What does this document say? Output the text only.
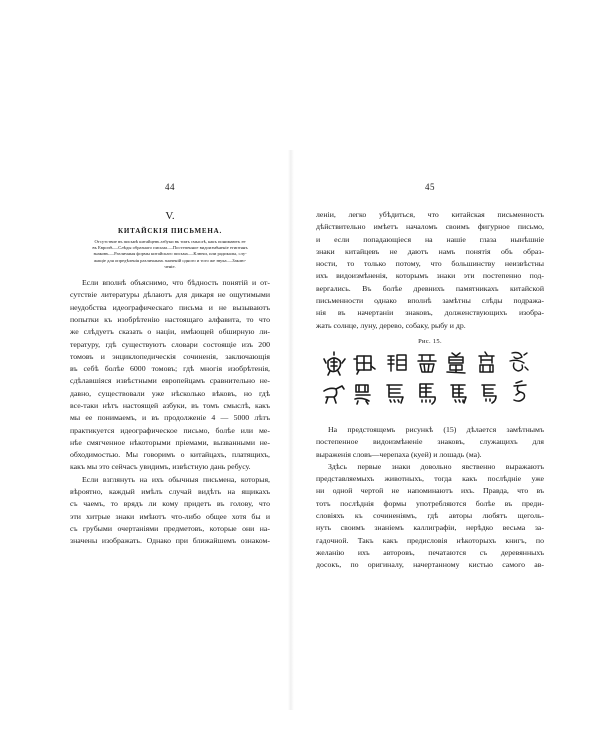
44
V.
КИТАЙСКIЯ ПИСЬМЕНА.
Отсутствие въ письмѣ китайцевъ азбуки въ томъ смыслѣ, какъ понимаютъ ее
въ Европѣ.—Слѣды образнаго письма.—Постепенное видоизмѣненiе египтянъ
знаковъ.—Различныя формы китайскаго письма.—Ключи, или радикалы, слу-
жащiе для опредѣленiя различныхъ значенiй одного и того же звука.—Заклю-
ченiе.
Если вполнѣ объяснимо, что бѣдность понятiй и от-
сутствiе литературы дѣлаютъ для дикаря не ощутимыми
неудобства идеографическаго письма и не вызываютъ
попытки къ изобрѣтенiю настоящаго алфавита, то что
же слѣдуетъ сказать о нацiи, имѣющей обширную ли-
тературу, гдѣ существуютъ словари состоящiе изъ 200
томовъ и энциклопедическiя сочиненiя, заключающiя
въ себѣ болѣе 6000 томовъ; гдѣ многiя изобрѣтенiя,
сдѣлавшiяся извѣстными европейцамъ сравнительно не-
давно, существовали уже нѣсколько вѣковъ, но гдѣ
все-таки нѣтъ настоящей азбуки, въ томъ смыслѣ, какъ
мы ее понимаемъ, и въ продолженiе 4 — 5000 лѣтъ
практикуется идеографическое письмо, болѣе или ме-
нѣе смягченное нѣкоторыми прiемами, вызванными не-
обходимостью. Мы говоримъ о китайцахъ, платящихъ,
какъ мы это сейчасъ увидимъ, извѣстную дань ребусу.
Если взглянуть на ихъ обычныя письмена, которыя,
вѣроятно, каждый имѣлъ случай видѣть на ящикахъ
съ чаемъ, то врядъ ли кому придетъ въ голову, что
эти хитрые знаки имѣютъ что-либо общее хотя бы и
съ грубыми очертанiями предметовъ, которые они на-
значены изображать. Однако при ближайшемъ ознаком-
45
ленiи, легко убѣдиться, что китайская письменность
дѣйствительно имѣетъ началомъ своимъ фигурное письмо,
и если попадающiеся на нашiе глаза нынѣшнiе
знаки китайцевъ не даютъ намъ понятiя объ образ-
ности, то только потому, что большинству неизвѣстны
ихъ видоизмѣненiя, которымъ знаки эти постепенно под-
вергались. Въ болѣе древнихъ памятникахъ китайской
письменности однако вполнѣ замѣтны слѣды подража-
нiя въ начертанiи знаковъ, долженствующихъ изобра-
жать солнце, луну, дерево, собаку, рыбу и др.
Рис. 15.
На предстоящемъ рисункѣ (15) дѣлается замѣтнымъ
постепенное видоизмѣненiе знаковъ, служащихъ для
выраженiя словъ—черепаха (куей) и лошадь (ма).
Здѣсь первые знаки довольно явственно выражаютъ
представляемыхъ животныхъ, тогда какъ послѣднiе уже
ни одной чертой не напоминаютъ ихъ. Правда, что въ
тотъ послѣднiя формы употребляются болѣе въ преди-
словiяхъ къ сочиненiямъ, гдѣ авторы любятъ щеголь-
нуть своимъ знанiемъ каллиграфiи, нерѣдко весьма за-
гадочной. Такъ какъ предисловiя нѣкоторыхъ книгъ, по
желанiю ихъ авторовъ, печатаются съ деревянныхъ
досокъ, по оригиналу, начертанному кистью самого ав-
